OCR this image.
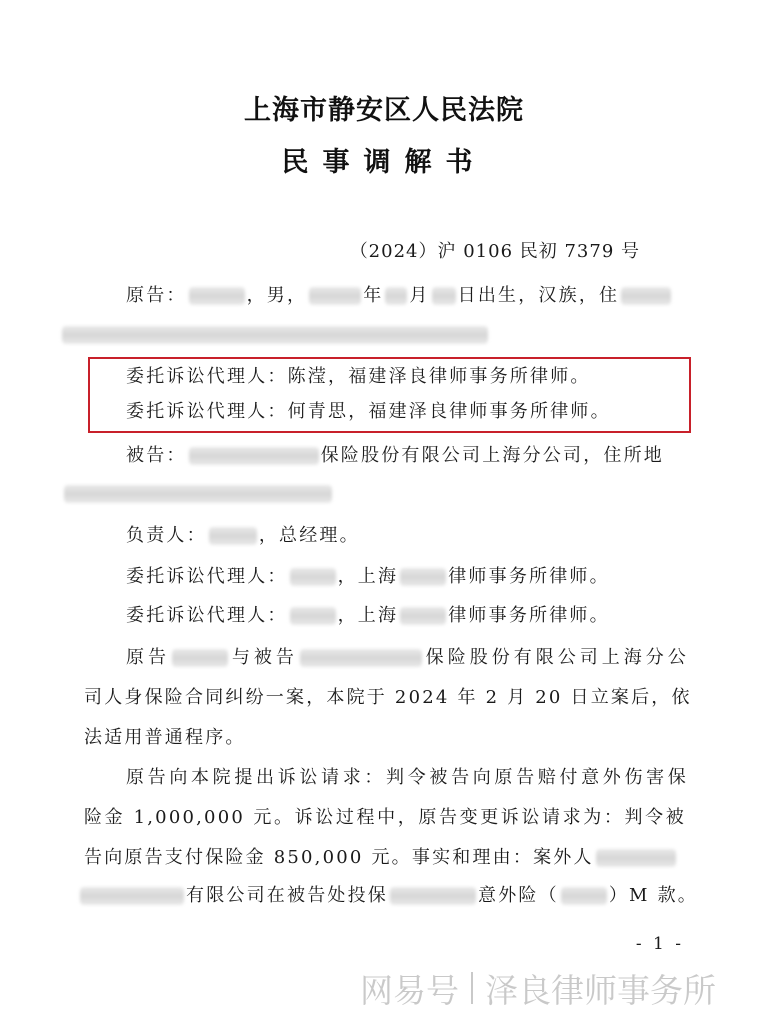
上海市静安区人民法院
民事调解书
（2024）沪 0106 民初 7379 号
原告：	，男，	年 月 日出生，汉族，住
委托诉讼代理人：陈滢，福建泽良律师事务所律师。
委托诉讼代理人：何青思，福建泽良律师事务所律师。
被告：	保险股份有限公司上海分公司，住所地
负责人：	，总经理。
委托诉讼代理人：	，上海	律师事务所律师。
委托诉讼代理人：	，上海	律师事务所律师。
原告	与被告	保险股份有限公司上海分公
司人身保险合同纠纷一案，本院于 2024 年 2 月 20 日立案后，依
法适用普通程序。
原告向本院提出诉讼请求：判令被告向原告赔付意外伤害保
险金 1,000,000 元。诉讼过程中，原告变更诉讼请求为：判令被
告向原告支付保险金 850,000 元。事实和理由：案外人
有限公司在被告处投保	意外险（	）M 款。
- 1 -
网易号 泽良律师事务所
